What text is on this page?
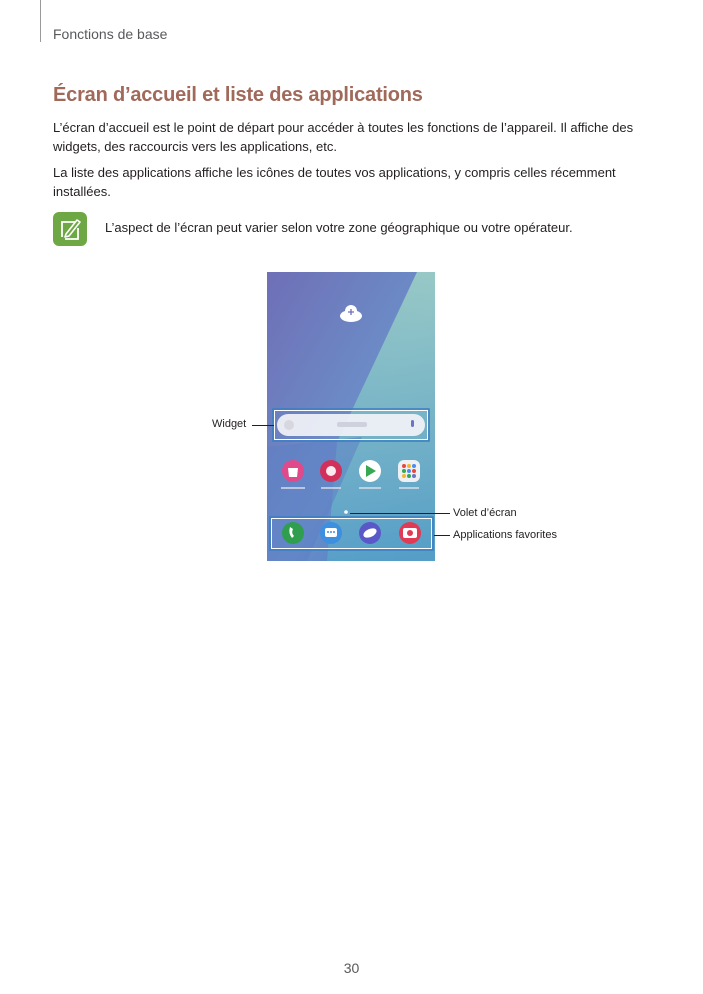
Fonctions de base
Écran d’accueil et liste des applications

L’écran d’accueil est le point de départ pour accéder à toutes les fonctions de l’appareil. Il affiche des widgets, des raccourcis vers les applications, etc.

La liste des applications affiche les icônes de toutes vos applications, y compris celles récemment installées.

L’aspect de l’écran peut varier selon votre zone géographique ou votre opérateur.

Widget
Volet d’écran
Applications favorites
30
